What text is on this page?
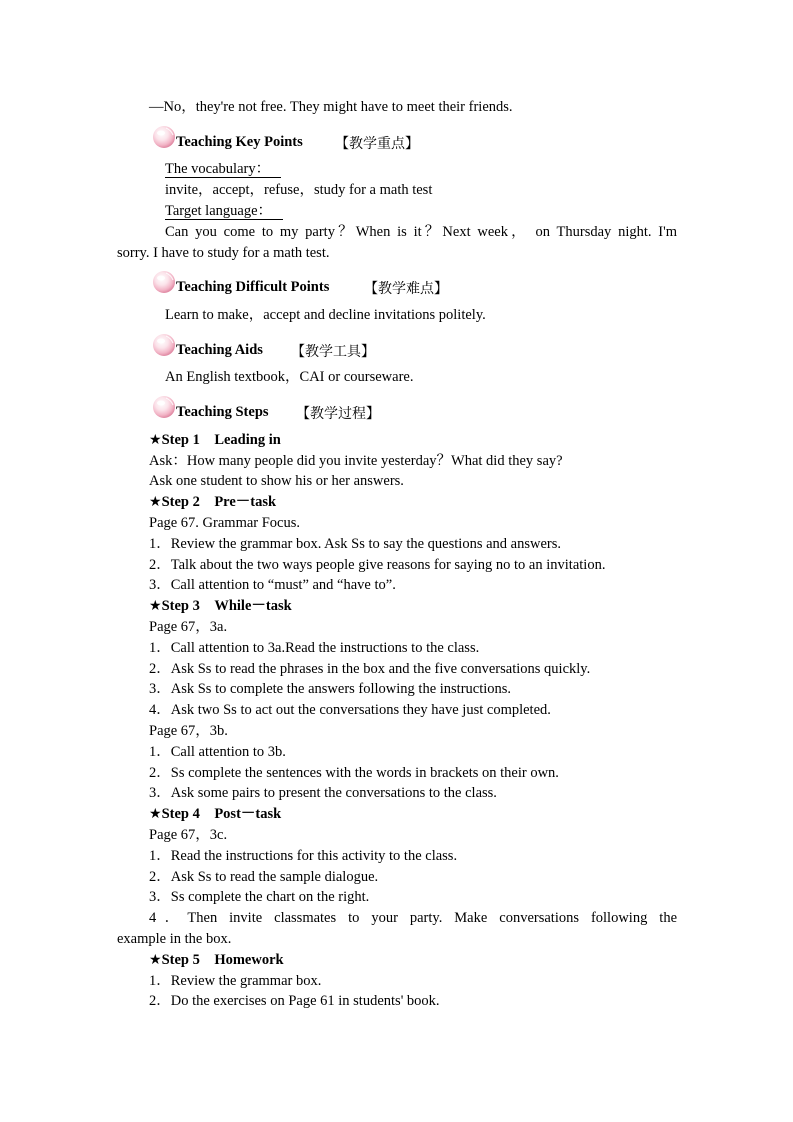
—No，they're not free. They might have to meet their friends.
Teaching Key Points 【教学重点】
The vocabulary：
invite，accept，refuse，study for a math test
Target language：
Can you come to my party？When is it？Next week， on Thursday night. I'm
sorry. I have to study for a math test.
Teaching Difficult Points 【教学难点】
Learn to make，accept and decline invitations politely.
Teaching Aids 【教学工具】
An English textbook，CAI or courseware.
Teaching Steps 【教学过程】
★Step 1　Leading in
Ask：How many people did you invite yesterday？What did they say?
Ask one student to show his or her answers.
★Step 2　Pre－task
Page 67. Grammar Focus.
1．Review the grammar box. Ask Ss to say the questions and answers.
2．Talk about the two ways people give reasons for saying no to an invitation.
3．Call attention to “must” and “have to”.
★Step 3　While－task
Page 67，3a.
1．Call attention to 3a.Read the instructions to the class.
2．Ask Ss to read the phrases in the box and the five conversations quickly.
3．Ask Ss to complete the answers following the instructions.
4．Ask two Ss to act out the conversations they have just completed.
Page 67，3b.
1．Call attention to 3b.
2．Ss complete the sentences with the words in brackets on their own.
3．Ask some pairs to present the conversations to the class.
★Step 4　Post－task
Page 67，3c.
1．Read the instructions for this activity to the class.
2．Ask Ss to read the sample dialogue.
3．Ss complete the chart on the right.
4．Then invite classmates to your party. Make conversations following the
example in the box.
★Step 5　Homework
1．Review the grammar box.
2．Do the exercises on Page 61 in students' book.
